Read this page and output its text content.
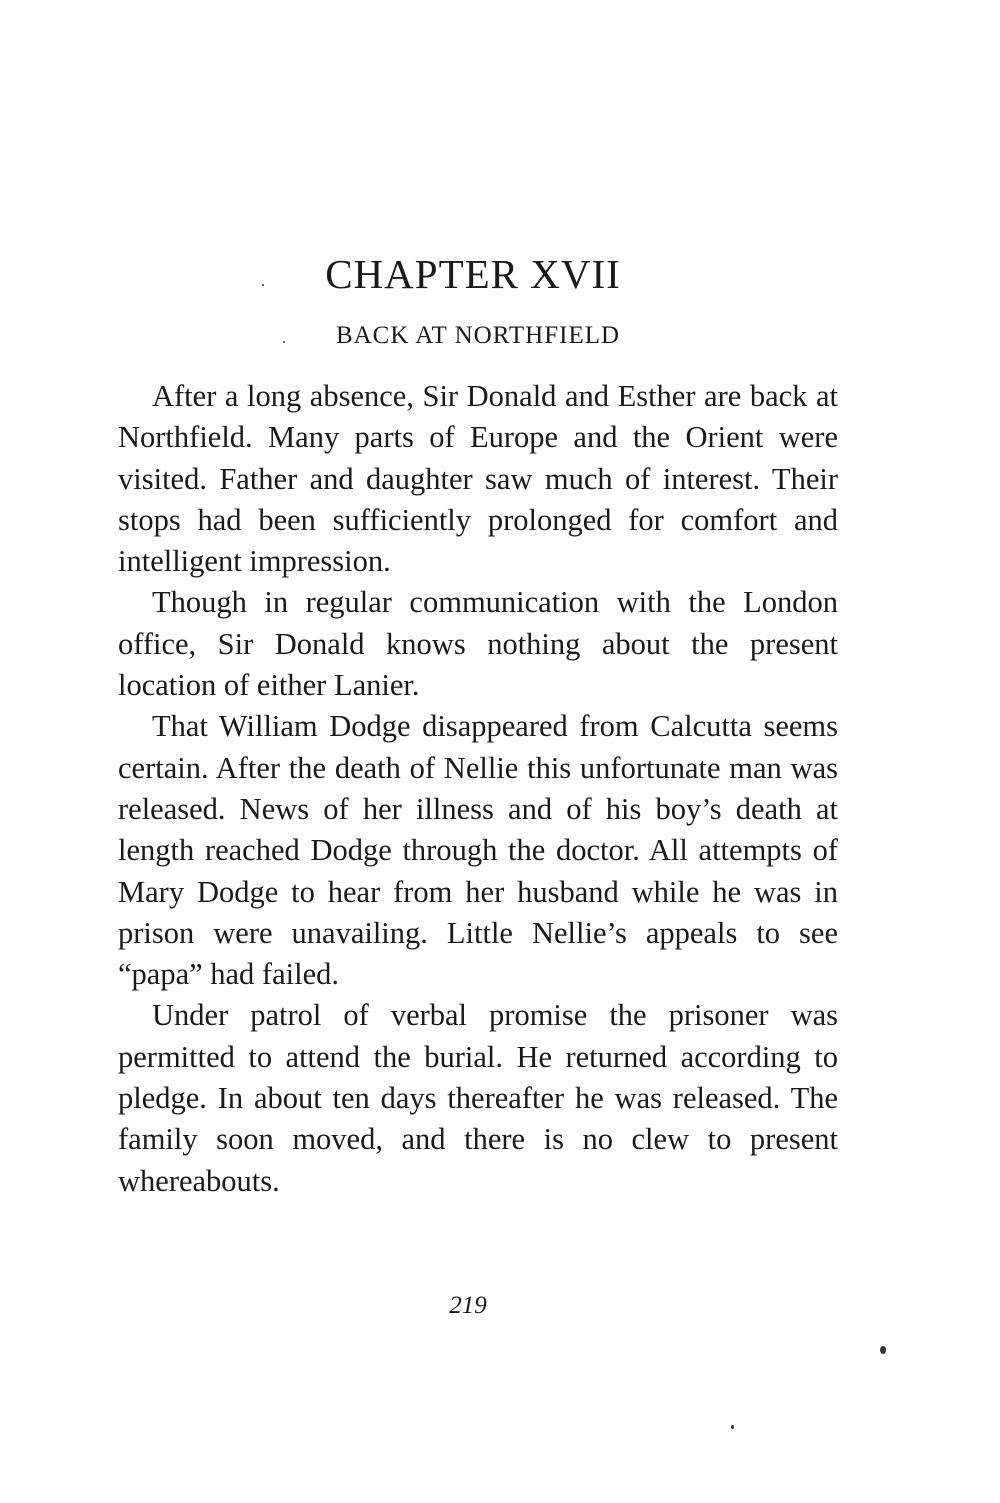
CHAPTER XVII
BACK AT NORTHFIELD

After a long absence, Sir Donald and Esther are back at Northfield. Many parts of Europe and the Orient were visited. Father and daughter saw much of interest. Their stops had been sufficiently prolonged for comfort and intelligent impression.

Though in regular communication with the London office, Sir Donald knows nothing about the present location of either Lanier.

That William Dodge disappeared from Calcutta seems certain. After the death of Nellie this unfortunate man was released. News of her illness and of his boy’s death at length reached Dodge through the doctor. All attempts of Mary Dodge to hear from her husband while he was in prison were unavailing. Little Nellie’s appeals to see “papa” had failed.

Under patrol of verbal promise the prisoner was permitted to attend the burial. He returned according to pledge. In about ten days thereafter he was released. The family soon moved, and there is no clew to present whereabouts.

219
